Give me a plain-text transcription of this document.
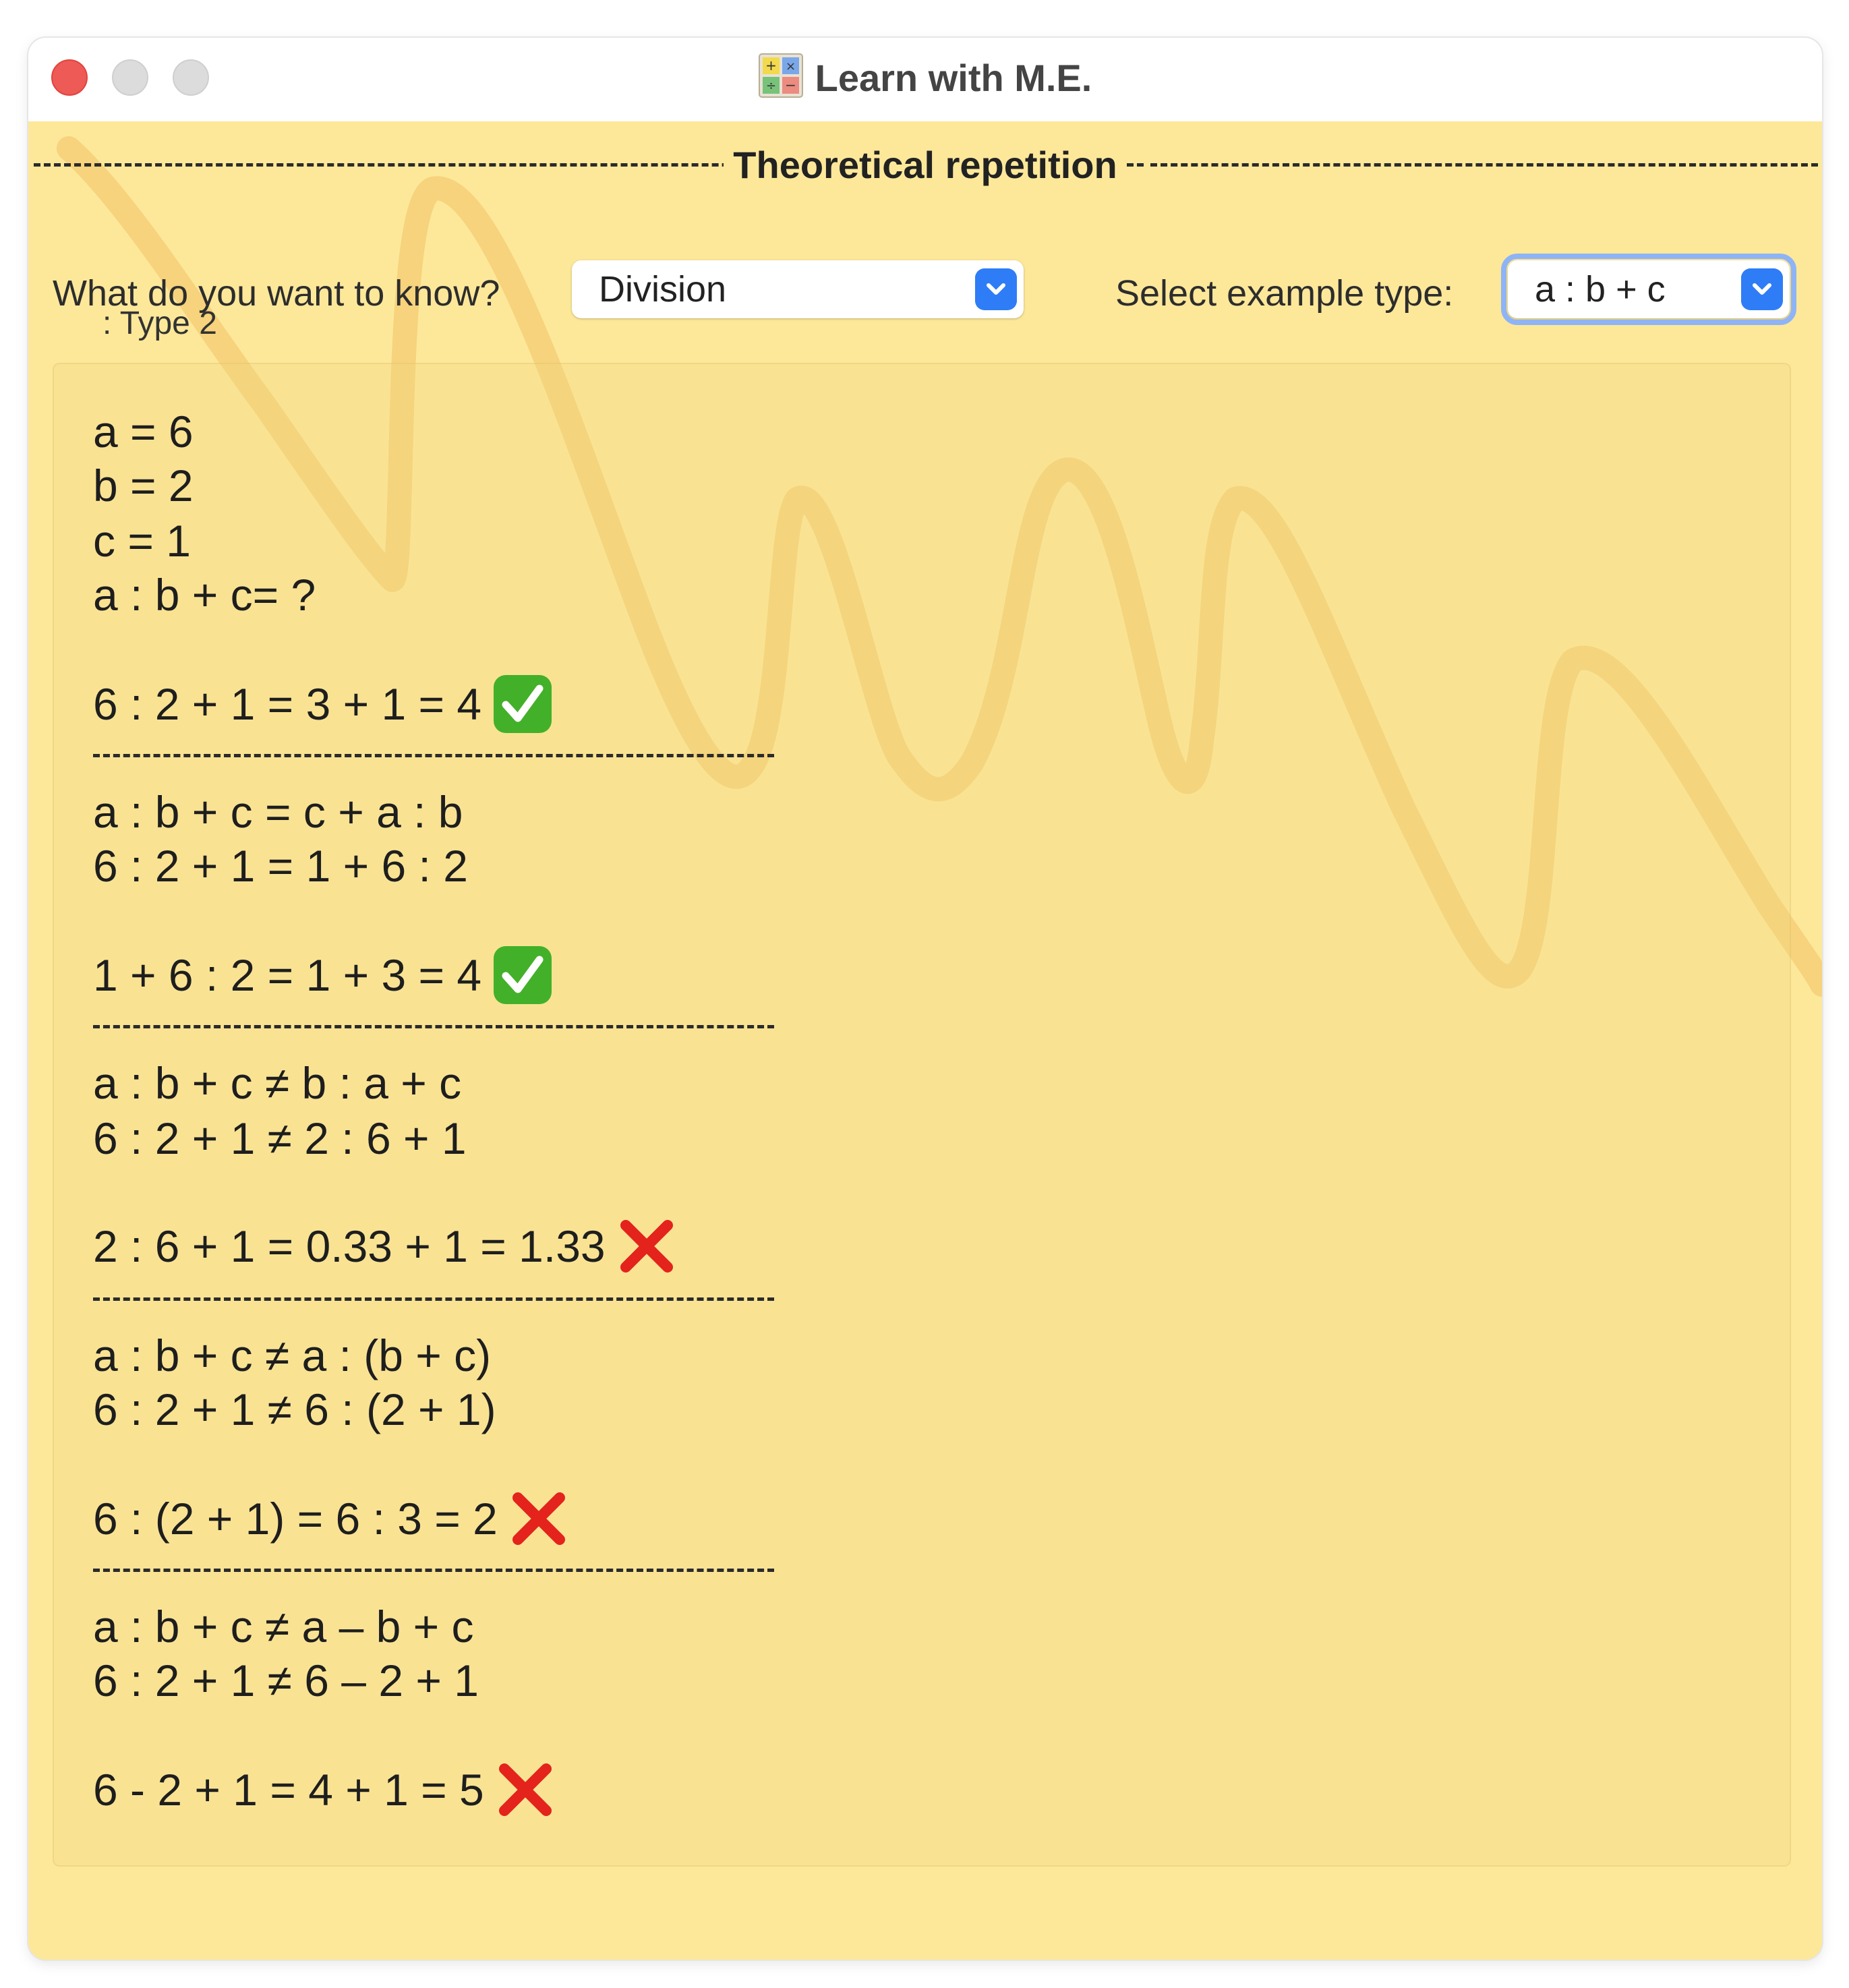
+ ×
÷ − Learn with M.E.
Theoretical repetition
What do you want to know?	Division	Select example type: a : b + c
: Type 2
a = 6
b = 2
c = 1
a : b + c= ?
6 : 2 + 1 = 3 + 1 = 4
a : b + c = c + a : b
6 : 2 + 1 = 1 + 6 : 2
1 + 6 : 2 = 1 + 3 = 4
a : b + c ≠ b : a + c
6 : 2 + 1 ≠ 2 : 6 + 1
2 : 6 + 1 = 0.33 + 1 = 1.33
a : b + c ≠ a : (b + c)
6 : 2 + 1 ≠ 6 : (2 + 1)
6 : (2 + 1) = 6 : 3 = 2
a : b + c ≠ a – b + c
6 : 2 + 1 ≠ 6 – 2 + 1
6 - 2 + 1 = 4 + 1 = 5
